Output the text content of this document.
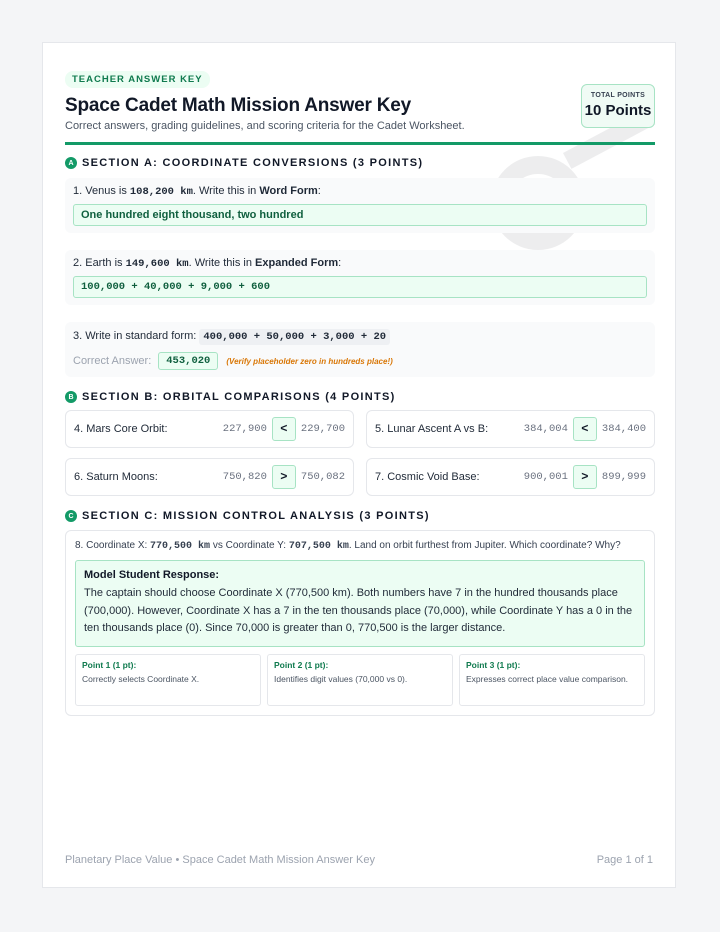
TOTAL POINTS
10 Points
TEACHER ANSWER KEY
Space Cadet Math Mission Answer Key
Correct answers, grading guidelines, and scoring criteria for the Cadet Worksheet.
A SECTION A: COORDINATE CONVERSIONS (3 POINTS)
1. Venus is 108,200 km. Write this in Word Form:
One hundred eight thousand, two hundred
2. Earth is 149,600 km. Write this in Expanded Form:
100,000 + 40,000 + 9,000 + 600
3. Write in standard form: 400,000 + 50,000 + 3,000 + 20
Correct Answer:	453,020	(Verify placeholder zero in hundreds place!)
B SECTION B: ORBITAL COMPARISONS (4 POINTS)
4. Mars Core Orbit:	227,900	<	229,700	5. Lunar Ascent A vs B:	384,004	<	384,400
6. Saturn Moons:	750,820	>	750,082	7. Cosmic Void Base:	900,001	>	899,999
C SECTION C: MISSION CONTROL ANALYSIS (3 POINTS)
8. Coordinate X: 770,500 km vs Coordinate Y: 707,500 km. Land on orbit furthest from Jupiter. Which coordinate? Why?
Model Student Response:
The captain should choose Coordinate X (770,500 km). Both numbers have 7 in the hundred thousands place (700,000). However, Coordinate X has a 7 in the ten thousands place (70,000), while Coordinate Y has a 0 in the ten thousands place (0). Since 70,000 is greater than 0, 770,500 is the larger distance.
Point 1 (1 pt):
Correctly selects Coordinate X.
Point 2 (1 pt):
Identifies digit values (70,000 vs 0).
Point 3 (1 pt):
Expresses correct place value comparison.
Planetary Place Value • Space Cadet Math Mission Answer Key	Page 1 of 1
